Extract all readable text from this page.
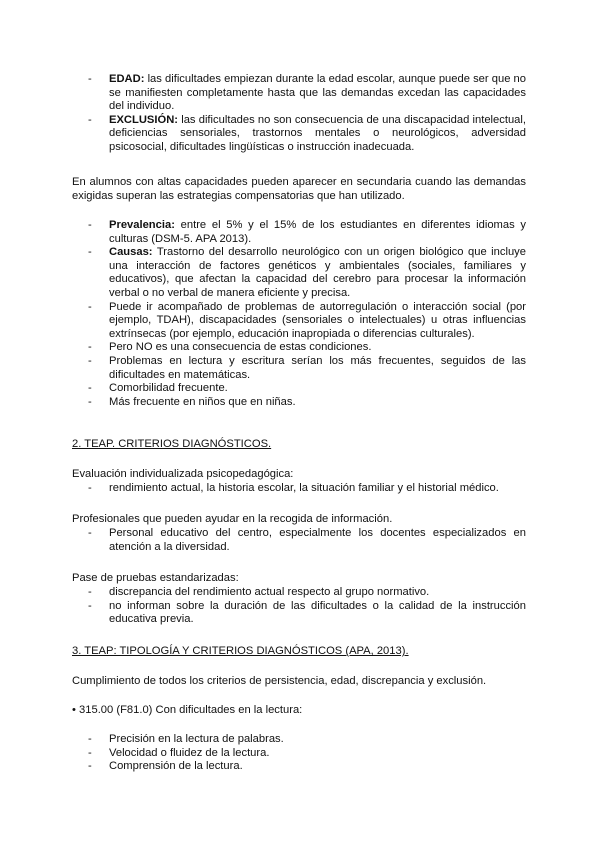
- EDAD: las dificultades empiezan durante la edad escolar, aunque puede ser que no se manifiesten completamente hasta que las demandas excedan las capacidades del individuo.
- EXCLUSIÓN: las dificultades no son consecuencia de una discapacidad intelectual, deficiencias sensoriales, trastornos mentales o neurológicos, adversidad psicosocial, dificultades lingüísticas o instrucción inadecuada.

En alumnos con altas capacidades pueden aparecer en secundaria cuando las demandas exigidas superan las estrategias compensatorias que han utilizado.

- Prevalencia: entre el 5% y el 15% de los estudiantes en diferentes idiomas y culturas (DSM-5. APA 2013).
- Causas: Trastorno del desarrollo neurológico con un origen biológico que incluye una interacción de factores genéticos y ambientales (sociales, familiares y educativos), que afectan la capacidad del cerebro para procesar la información verbal o no verbal de manera eficiente y precisa.
- Puede ir acompañado de problemas de autorregulación o interacción social (por ejemplo, TDAH), discapacidades (sensoriales o intelectuales) u otras influencias extrínsecas (por ejemplo, educación inapropiada o diferencias culturales).
- Pero NO es una consecuencia de estas condiciones.
- Problemas en lectura y escritura serían los más frecuentes, seguidos de las dificultades en matemáticas.
- Comorbilidad frecuente.
- Más frecuente en niños que en niñas.

2. TEAP. CRITERIOS DIAGNÓSTICOS.

Evaluación individualizada psicopedagógica:

- rendimiento actual, la historia escolar, la situación familiar y el historial médico.

Profesionales que pueden ayudar en la recogida de información.

- Personal educativo del centro, especialmente los docentes especializados en atención a la diversidad.

Pase de pruebas estandarizadas:

- discrepancia del rendimiento actual respecto al grupo normativo.
- no informan sobre la duración de las dificultades o la calidad de la instrucción educativa previa.

3. TEAP: TIPOLOGÍA Y CRITERIOS DIAGNÓSTICOS (APA, 2013).

Cumplimiento de todos los criterios de persistencia, edad, discrepancia y exclusión.

• 315.00 (F81.0) Con dificultades en la lectura:

- Precisión en la lectura de palabras.
- Velocidad o fluidez de la lectura.
- Comprensión de la lectura.
